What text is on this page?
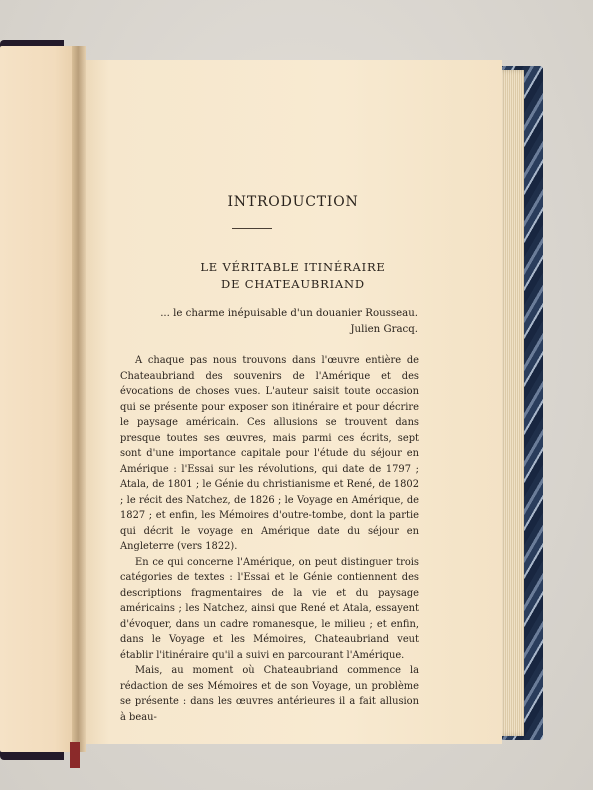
INTRODUCTION
LE VÉRITABLE ITINÉRAIRE
DE CHATEAUBRIAND

... le charme inépuisable d'un douanier Rousseau.

Julien Gracq.

A chaque pas nous trouvons dans l'œuvre entière de Chateaubriand des souvenirs de l'Amérique et des évocations de choses vues. L'auteur saisit toute occasion qui se présente pour exposer son itinéraire et pour décrire le paysage américain. Ces allusions se trouvent dans presque toutes ses œuvres, mais parmi ces écrits, sept sont d'une importance capitale pour l'étude du séjour en Amérique : l'Essai sur les révolutions, qui date de 1797 ; Atala, de 1801 ; le Génie du christianisme et René, de 1802 ; le récit des Natchez, de 1826 ; le Voyage en Amérique, de 1827 ; et enfin, les Mémoires d'outre-tombe, dont la partie qui décrit le voyage en Amérique date du séjour en Angleterre (vers 1822).

En ce qui concerne l'Amérique, on peut distinguer trois catégories de textes : l'Essai et le Génie contiennent des descriptions fragmentaires de la vie et du paysage américains ; les Natchez, ainsi que René et Atala, essayent d'évoquer, dans un cadre romanesque, le milieu ; et enfin, dans le Voyage et les Mémoires, Chateaubriand veut établir l'itinéraire qu'il a suivi en parcourant l'Amérique.

Mais, au moment où Chateaubriand commence la rédaction de ses Mémoires et de son Voyage, un problème se présente : dans les œuvres antérieures il a fait allusion à beau-
